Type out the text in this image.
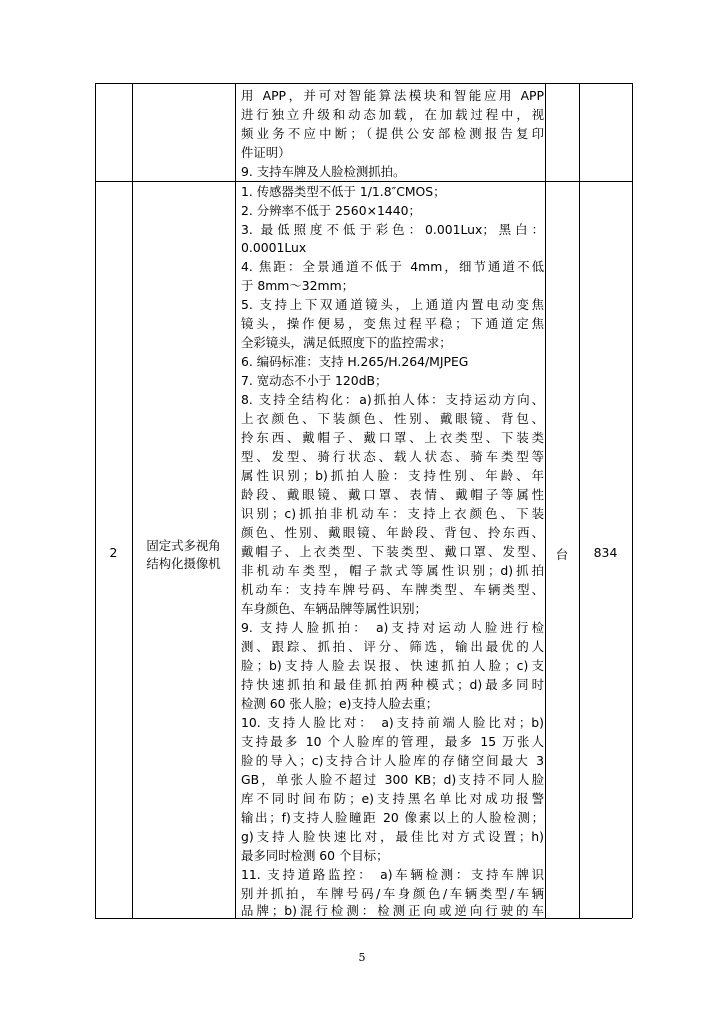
用 APP，并可对智能算法模块和智能应用 APP
进行独立升级和动态加载，在加载过程中，视
频业务不应中断；（提供公安部检测报告复印
件证明）
9. 支持车牌及人脸检测抓拍。
2	固定式多视角
结构化摄像机
台	834
1. 传感器类型不低于 1/1.8″CMOS；
2. 分辨率不低于 2560×1440；
3. 最低照度不低于彩色：0.001Lux；黑白：
0.0001Lux
4. 焦距：全景通道不低于 4mm，细节通道不低
于 8mm～32mm；
5. 支持上下双通道镜头，上通道内置电动变焦
镜头，操作便易，变焦过程平稳；下通道定焦
全彩镜头，满足低照度下的监控需求；
6. 编码标准：支持 H.265/H.264/MJPEG
7. 宽动态不小于 120dB；
8. 支持全结构化：a)抓拍人体：支持运动方向、
上衣颜色、下装颜色、性别、戴眼镜、背包、
拎东西、戴帽子、戴口罩、上衣类型、下装类
型、发型、骑行状态、载人状态、骑车类型等
属性识别；b)抓拍人脸：支持性别、年龄、年
龄段、戴眼镜、戴口罩、表情、戴帽子等属性
识别；c)抓拍非机动车：支持上衣颜色、下装
颜色、性别、戴眼镜、年龄段、背包、拎东西、
戴帽子、上衣类型、下装类型、戴口罩、发型、
非机动车类型，帽子款式等属性识别；d)抓拍
机动车：支持车牌号码、车牌类型、车辆类型、
车身颜色、车辆品牌等属性识别；
9. 支持人脸抓拍： a)支持对运动人脸进行检
测、跟踪、抓拍、评分、筛选，输出最优的人
脸；b)支持人脸去误报、快速抓拍人脸；c)支
持快速抓拍和最佳抓拍两种模式；d)最多同时
检测 60 张人脸；e)支持人脸去重；
10. 支持人脸比对： a)支持前端人脸比对；b)
支持最多 10 个人脸库的管理，最多 15 万张人
脸的导入；c)支持合计人脸库的存储空间最大 3
GB，单张人脸不超过 300 KB；d)支持不同人脸
库不同时间布防；e)支持黑名单比对成功报警
输出；f)支持人脸瞳距 20 像素以上的人脸检测；
g)支持人脸快速比对，最佳比对方式设置；h)
最多同时检测 60 个目标；
11. 支持道路监控： a)车辆检测：支持车牌识
别并抓拍，车牌号码/车身颜色/车辆类型/车辆
品牌；b)混行检测：检测正向或逆向行驶的车
5
